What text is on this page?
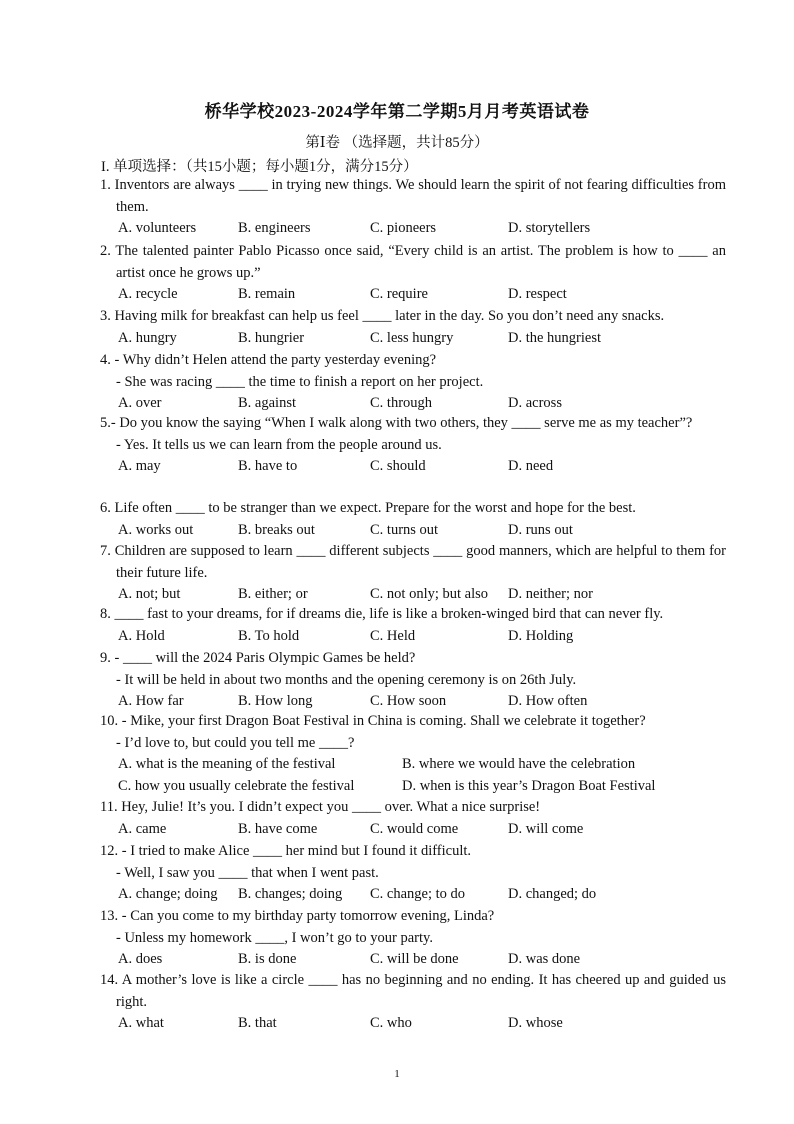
桥华学校2023-2024学年第二学期5月月考英语试卷
第Ⅰ卷 （选择题，共计85分）
I. 单项选择：（共15小题；每小题1分，满分15分）
1. Inventors are always ____ in trying new things. We should learn the spirit of not fearing difficulties from them.
A. volunteers	B. engineers	C. pioneers	D. storytellers
2. The talented painter Pablo Picasso once said, “Every child is an artist. The problem is how to ____ an artist once he grows up.”
A. recycle	B. remain	C. require	D. respect
3. Having milk for breakfast can help us feel ____ later in the day. So you don’t need any snacks.
A. hungry	B. hungrier	C. less hungry	D. the hungriest
4. - Why didn’t Helen attend the party yesterday evening?
- She was racing ____ the time to finish a report on her project.
A. over	B. against	C. through	D. across
5.- Do you know the saying “When I walk along with two others, they ____ serve me as my teacher”?
- Yes. It tells us we can learn from the people around us.
A. may	B. have to	C. should	D. need
6. Life often ____ to be stranger than we expect. Prepare for the worst and hope for the best.
A. works out	B. breaks out	C. turns out	D. runs out
7. Children are supposed to learn ____ different subjects ____ good manners, which are helpful to them for their future life.
A. not; but	B. either; or	C. not only; but also	D. neither; nor
8. ____ fast to your dreams, for if dreams die, life is like a broken-winged bird that can never fly.
A. Hold	B. To hold	C. Held	D. Holding
9. - ____ will the 2024 Paris Olympic Games be held?
- It will be held in about two months and the opening ceremony is on 26th July.
A. How far	B. How long	C. How soon	D. How often
10. - Mike, your first Dragon Boat Festival in China is coming. Shall we celebrate it together?
- I’d love to, but could you tell me ____?
A. what is the meaning of the festival	B. where we would have the celebration
C. how you usually celebrate the festival	D. when is this year’s Dragon Boat Festival
11. Hey, Julie! It’s you. I didn’t expect you ____ over. What a nice surprise!
A. came	B. have come	C. would come	D. will come
12. - I tried to make Alice ____ her mind but I found it difficult.
- Well, I saw you ____ that when I went past.
A. change; doing	B. changes; doing	C. change; to do	D. changed; do
13. - Can you come to my birthday party tomorrow evening, Linda?
- Unless my homework ____, I won’t go to your party.
A. does	B. is done	C. will be done	D. was done
14. A mother’s love is like a circle ____ has no beginning and no ending. It has cheered up and guided us right.
A. what	B. that	C. who	D. whose
1
